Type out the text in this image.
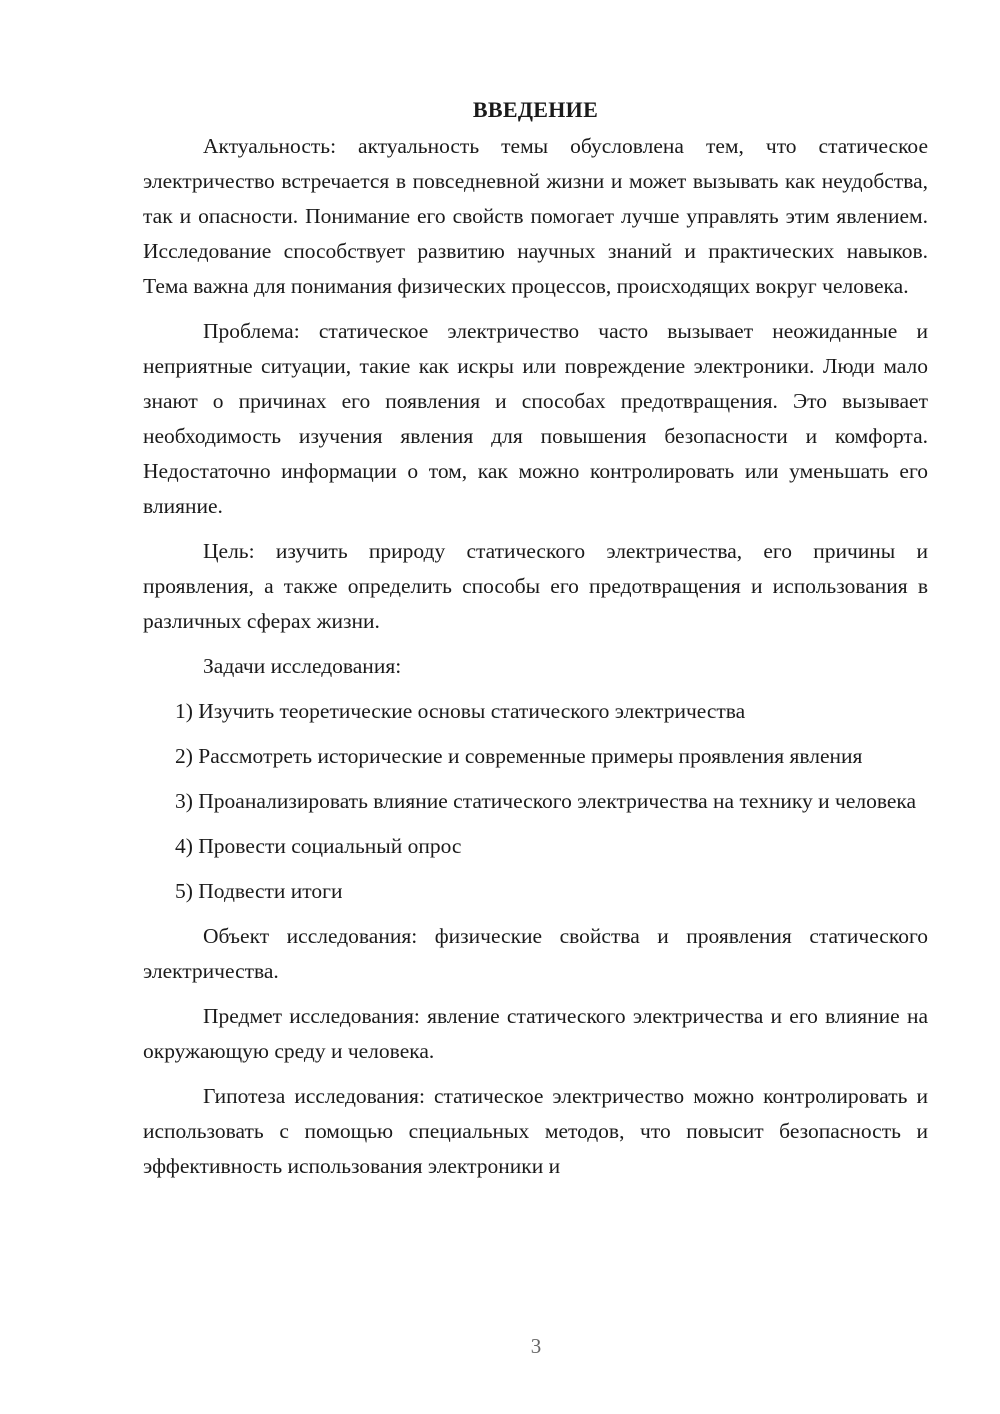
ВВЕДЕНИЕ

Актуальность: актуальность темы обусловлена тем, что статическое электричество встречается в повседневной жизни и может вызывать как неудобства, так и опасности. Понимание его свойств помогает лучше управлять этим явлением. Исследование способствует развитию научных знаний и практических навыков. Тема важна для понимания физических процессов, происходящих вокруг человека.

Проблема: статическое электричество часто вызывает неожиданные и неприятные ситуации, такие как искры или повреждение электроники. Люди мало знают о причинах его появления и способах предотвращения. Это вызывает необходимость изучения явления для повышения безопасности и комфорта. Недостаточно информации о том, как можно контролировать или уменьшать его влияние.

Цель: изучить природу статического электричества, его причины и проявления, а также определить способы его предотвращения и использования в различных сферах жизни.

Задачи исследования:

1) Изучить теоретические основы статического электричества

2) Рассмотреть исторические и современные примеры проявления явления

3) Проанализировать влияние статического электричества на технику и человека

4) Провести социальный опрос

5) Подвести итоги

Объект исследования: физические свойства и проявления статического электричества.

Предмет исследования: явление статического электричества и его влияние на окружающую среду и человека.

Гипотеза исследования: статическое электричество можно контролировать и использовать с помощью специальных методов, что повысит безопасность и эффективность использования электроники и

3
